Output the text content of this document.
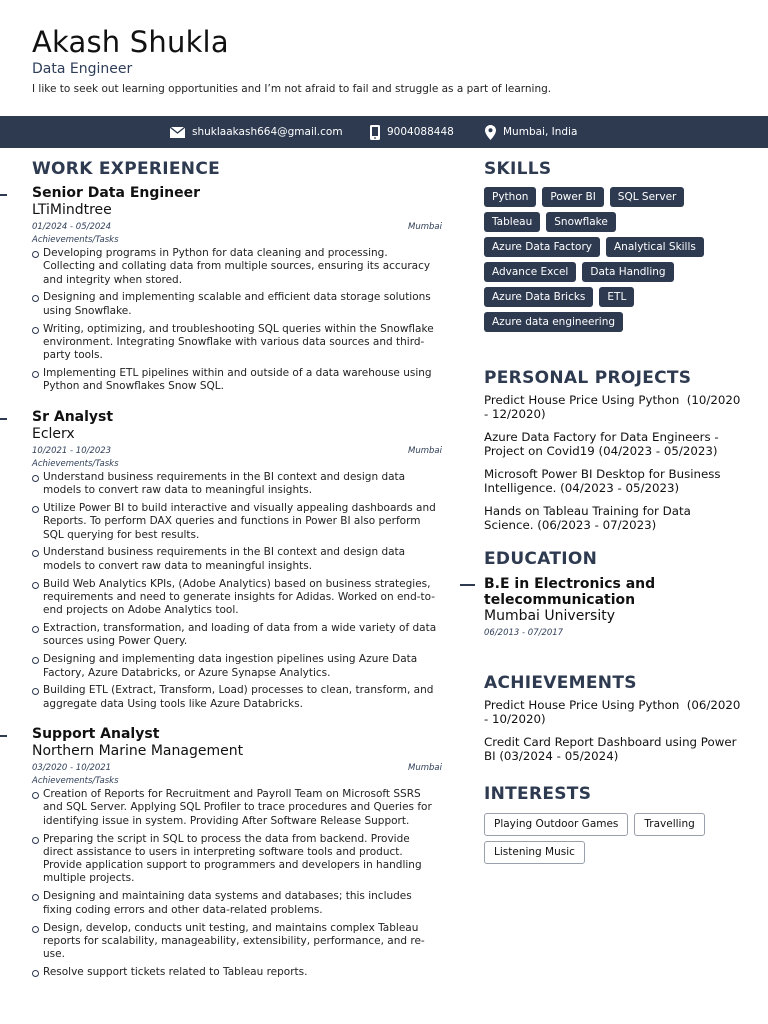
Akash Shukla
Data Engineer
I like to seek out learning opportunities and I’m not afraid to fail and struggle as a part of learning.
shuklaakash664@gmail.com	9004088448	Mumbai, India
WORK EXPERIENCE
Senior Data Engineer
LTiMindtree
01/2024 - 05/2024	Mumbai
Achievements/Tasks
Developing programs in Python for data cleaning and processing. Collecting and collating data from multiple sources, ensuring its accuracy and integrity when stored.
Designing and implementing scalable and efficient data storage solutions using Snowflake.
Writing, optimizing, and troubleshooting SQL queries within the Snowflake environment. Integrating Snowflake with various data sources and third-party tools.
Implementing ETL pipelines within and outside of a data warehouse using Python and Snowflakes Snow SQL.
Sr Analyst
Eclerx
10/2021 - 10/2023	Mumbai
Achievements/Tasks
Understand business requirements in the BI context and design data models to convert raw data to meaningful insights.
Utilize Power BI to build interactive and visually appealing dashboards and Reports. To perform DAX queries and functions in Power BI also perform SQL querying for best results.
Understand business requirements in the BI context and design data models to convert raw data to meaningful insights.
Build Web Analytics KPIs, (Adobe Analytics) based on business strategies, requirements and need to generate insights for Adidas. Worked on end-to-end projects on Adobe Analytics tool.
Extraction, transformation, and loading of data from a wide variety of data sources using Power Query.
Designing and implementing data ingestion pipelines using Azure Data Factory, Azure Databricks, or Azure Synapse Analytics.
Building ETL (Extract, Transform, Load) processes to clean, transform, and aggregate data Using tools like Azure Databricks.
Support Analyst
Northern Marine Management
03/2020 - 10/2021	Mumbai
Achievements/Tasks
Creation of Reports for Recruitment and Payroll Team on Microsoft SSRS and SQL Server. Applying SQL Profiler to trace procedures and Queries for identifying issue in system. Providing After Software Release Support.
Preparing the script in SQL to process the data from backend. Provide direct assistance to users in interpreting software tools and product. Provide application support to programmers and developers in handling multiple projects.
Designing and maintaining data systems and databases; this includes fixing coding errors and other data-related problems.
Design, develop, conducts unit testing, and maintains complex Tableau reports for scalability, manageability, extensibility, performance, and re-use.
Resolve support tickets related to Tableau reports.
SKILLS
Python	Power BI	SQL Server
Tableau	Snowflake
Azure Data Factory	Analytical Skills
Advance Excel	Data Handling
Azure Data Bricks	ETL
Azure data engineering
PERSONAL PROJECTS
Predict House Price Using Python  (10/2020 - 12/2020)
Azure Data Factory for Data Engineers - Project on Covid19 (04/2023 - 05/2023)
Microsoft Power BI Desktop for Business Intelligence. (04/2023 - 05/2023)
Hands on Tableau Training for Data Science. (06/2023 - 07/2023)
EDUCATION
B.E in Electronics and telecommunication
Mumbai University
06/2013 - 07/2017
ACHIEVEMENTS
Predict House Price Using Python  (06/2020 - 10/2020)
Credit Card Report Dashboard using Power BI (03/2024 - 05/2024)
INTERESTS
Playing Outdoor Games	Travelling
Listening Music
